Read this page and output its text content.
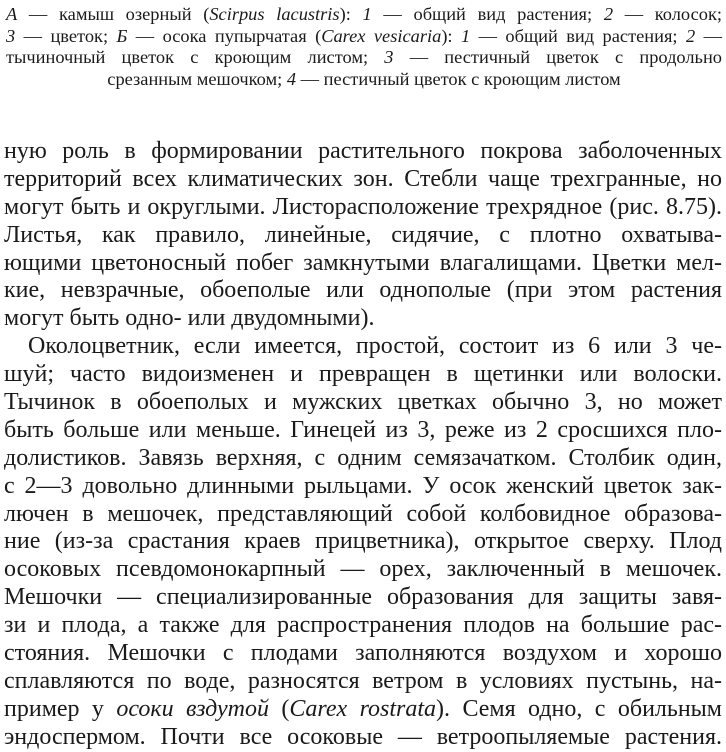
А — камыш озерный (Scirpus lacustris): 1 — общий вид растения; 2 — колосок;
3 — цветок; Б — осока пупырчатая (Carex vesicaria): 1 — общий вид растения; 2 —
тычиночный цветок с кроющим листом; 3 — пестичный цветок с продольно
срезанным мешочком; 4 — пестичный цветок с кроющим листом
ную роль в формировании растительного покрова заболоченных
территорий всех климатических зон. Стебли чаще трехгранные, но
могут быть и округлыми. Листорасположение трехрядное (рис. 8.75).
Листья, как правило, линейные, сидячие, с плотно охватыва-
ющими цветоносный побег замкнутыми влагалищами. Цветки мел-
кие, невзрачные, обоеполые или однополые (при этом растения
могут быть одно- или двудомными).
Околоцветник, если имеется, простой, состоит из 6 или 3 че-
шуй; часто видоизменен и превращен в щетинки или волоски.
Тычинок в обоеполых и мужских цветках обычно 3, но может
быть больше или меньше. Гинецей из 3, реже из 2 сросшихся пло-
долистиков. Завязь верхняя, с одним семязачатком. Столбик один,
с 2—3 довольно длинными рыльцами. У осок женский цветок зак-
лючен в мешочек, представляющий собой колбовидное образова-
ние (из-за срастания краев прицветника), открытое сверху. Плод
осоковых псевдомонокарпный — орех, заключенный в мешочек.
Мешочки — специализированные образования для защиты завя-
зи и плода, а также для распространения плодов на большие рас-
стояния. Мешочки с плодами заполняются воздухом и хорошо
сплавляются по воде, разносятся ветром в условиях пустынь, на-
пример у осоки вздутой (Carex rostrata). Семя одно, с обильным
эндоспермом. Почти все осоковые — ветроопыляемые растения.
